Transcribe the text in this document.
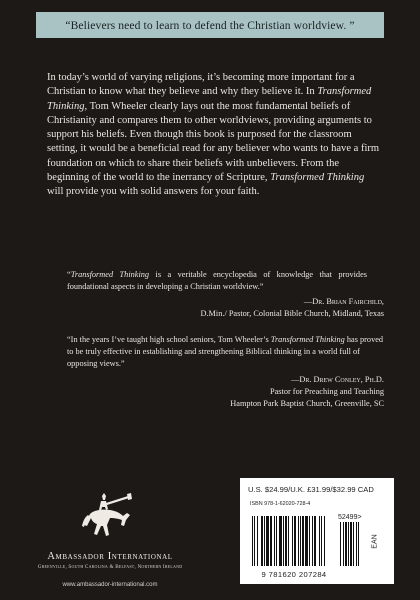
“Believers need to learn to defend the Christian worldview. ”

In today’s world of varying religions, it’s becoming more important for a Christian to know what they believe and why they believe it. In Transformed Thinking, Tom Wheeler clearly lays out the most fundamental beliefs of Christianity and compares them to other worldviews, providing arguments to support his beliefs. Even though this book is purposed for the classroom setting, it would be a beneficial read for any believer who wants to have a firm foundation on which to share their beliefs with unbelievers. From the beginning of the world to the inerrancy of Scripture, Transformed Thinking will provide you with solid answers for your faith.

“Transformed Thinking is a veritable encyclopedia of knowledge that provides foundational aspects in developing a Christian worldview.”

—Dr. Brian Fairchild,
D.Min./ Pastor, Colonial Bible Church, Midland, Texas

“In the years I’ve taught high school seniors, Tom Wheeler’s Transformed Thinking has proved to be truly effective in establishing and strengthening Biblical thinking in a world full of opposing views.”

—Dr. Drew Conley, Ph.D.
Pastor for Preaching and Teaching
Hampton Park Baptist Church, Greenville, SC
Ambassador International
Greenville, South Carolina & Belfast, Northern Ireland
www.ambassador-international.com
U.S. $24.99/U.K. £31.99/$32.99 CAD
ISBN 978-1-62020-728-4
52499>
EAN
9 781620 207284
